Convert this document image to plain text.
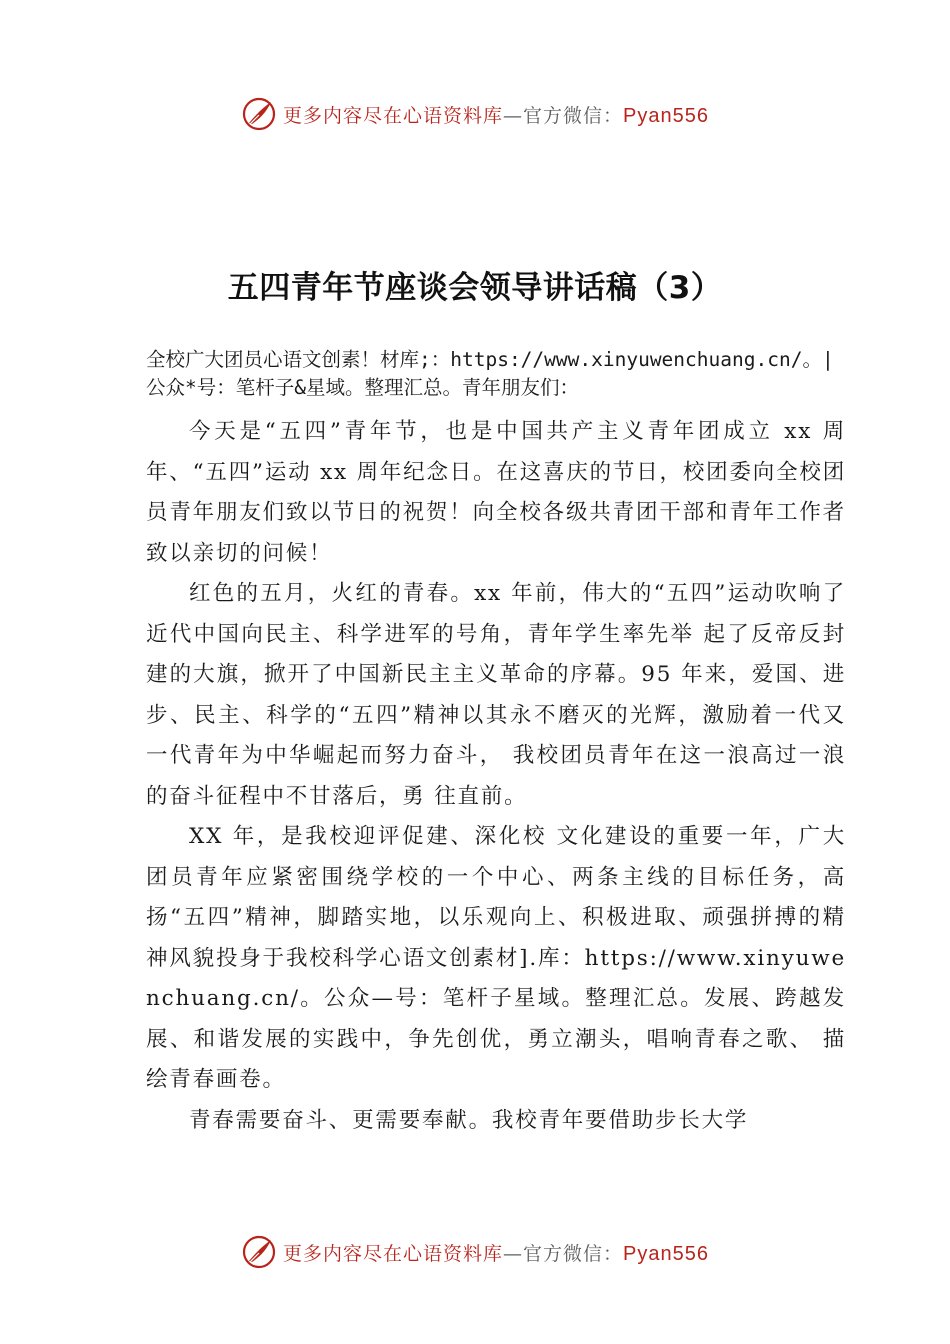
更多内容尽在心语资料库—官方微信：Pyan556
五四青年节座谈会领导讲话稿（3）

全校广大团员心语文创素！材库;：https://www.xinyuwenchuang.cn/。|公众*号：笔杆子&星域。整理汇总。青年朋友们：

今天是“五四”青年节，也是中国共产主义青年团成立 xx 周年、“五四”运动 xx 周年纪念日。在这喜庆的节日，校团委向全校团员青年朋友们致以节日的祝贺！向全校各级共青团干部和青年工作者致以亲切的问候！

红色的五月，火红的青春。xx 年前，伟大的“五四”运动吹响了近代中国向民主、科学进军的号角，青年学生率先举 起了反帝反封建的大旗，掀开了中国新民主主义革命的序幕。95 年来，爱国、进步、民主、科学的“五四”精神以其永不磨灭的光辉，激励着一代又一代青年为中华崛起而努力奋斗， 我校团员青年在这一浪高过一浪的奋斗征程中不甘落后，勇 往直前。

XX 年，是我校迎评促建、深化校 文化建设的重要一年，广大团员青年应紧密围绕学校的一个中心、两条主线的目标任务，高扬“五四”精神，脚踏实地，以乐观向上、积极进取、顽强拼搏的精神风貌投身于我校科学心语文创素材].库：https://www.xinyuwenchuang.cn/。公众—号：笔杆子星域。整理汇总。发展、跨越发展、和谐发展的实践中，争先创优，勇立潮头，唱响青春之歌、 描绘青春画卷。

青春需要奋斗、更需要奉献。我校青年要借助步长大学

更多内容尽在心语资料库—官方微信：Pyan556
